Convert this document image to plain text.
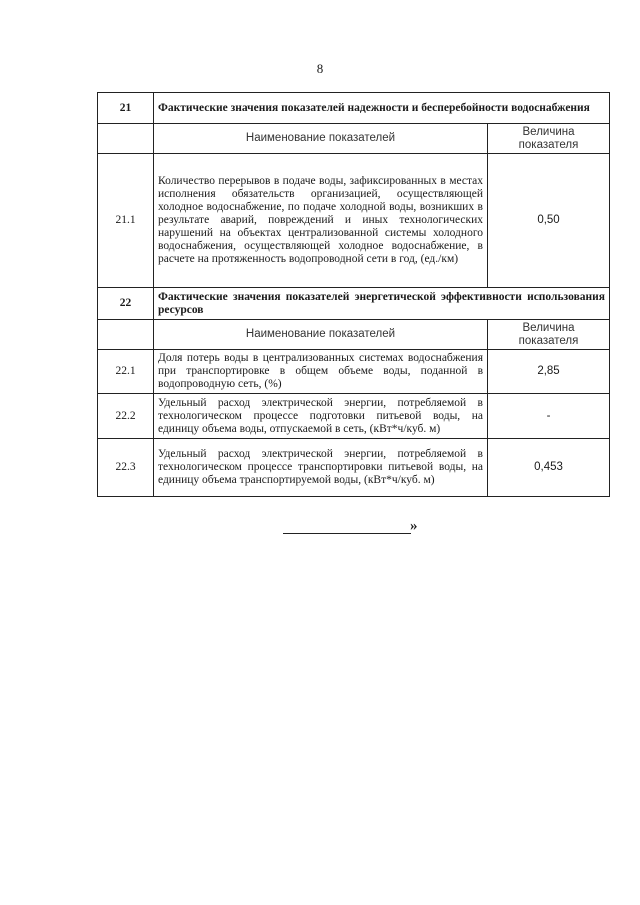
8
21	Фактические значения показателей надежности и бесперебойности водоснабжения	
	Наименование показателей	Величина показателя
21.1	Количество перерывов в подаче воды, зафиксированных в местах исполнения обязательств организацией, осуществляющей холодное водоснабжение, по подаче холодной воды, возникших в результате аварий, повреждений и иных технологических нарушений на объектах централизованной системы холодного водоснабжения, осуществляющей холодное водоснабжение, в расчете на протяженность водопроводной сети в год, (ед./км)	0,50
22	Фактические значения показателей энергетической эффективности использования ресурсов	
	Наименование показателей	Величина показателя
22.1	Доля потерь воды в централизованных системах водоснабжения при транспортировке в общем объеме воды, поданной в водопроводную сеть, (%)	2,85
22.2	Удельный расход электрической энергии, потребляемой в технологическом процессе подготовки питьевой воды, на единицу объема воды, отпускаемой в сеть, (кВт*ч/куб. м)	-
22.3	Удельный расход электрической энергии, потребляемой в технологическом процессе транспортировки питьевой воды, на единицу объема транспортируемой воды, (кВт*ч/куб. м)	0,453
»
